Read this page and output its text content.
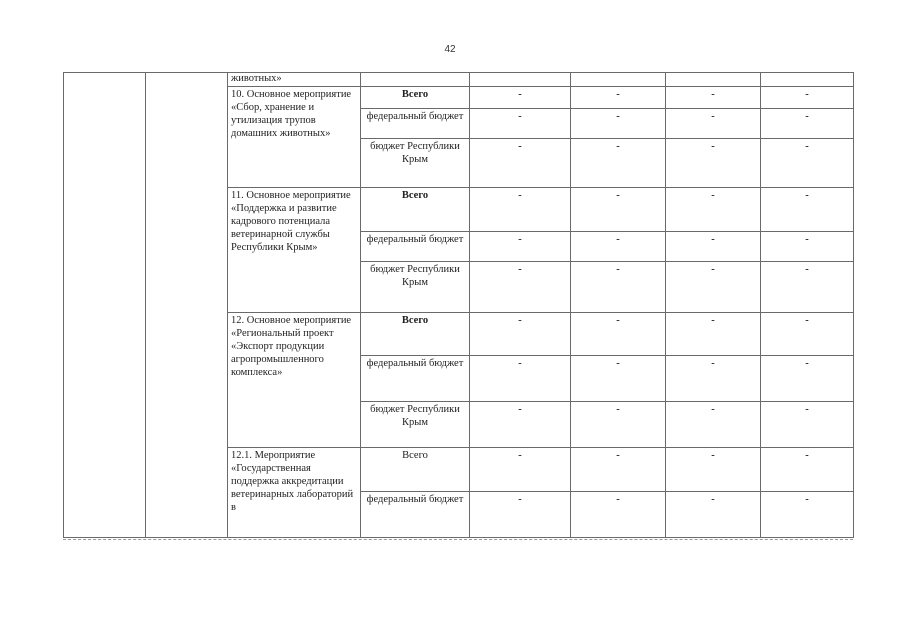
42
		животных»					
		10. Основное мероприятие «Сбор, хранение и утилизация трупов домашних животных»	Всего	-	-	-	-
			федеральный бюджет	-	-	-	-
			бюджет Республики Крым	-	-	-	-
		11. Основное мероприятие «Поддержка и развитие кадрового потенциала ветеринарной службы Республики Крым»	Всего	-	-	-	-
			федеральный бюджет	-	-	-	-
			бюджет Республики Крым	-	-	-	-
		12. Основное мероприятие «Региональный проект «Экспорт продукции агропромышленного комплекса»	Всего	-	-	-	-
			федеральный бюджет	-	-	-	-
			бюджет Республики Крым	-	-	-	-
		12.1. Мероприятие «Государственная поддержка аккредитации ветеринарных лабораторий в	Всего	-	-	-	-
			федеральный бюджет	-	-	-	-
